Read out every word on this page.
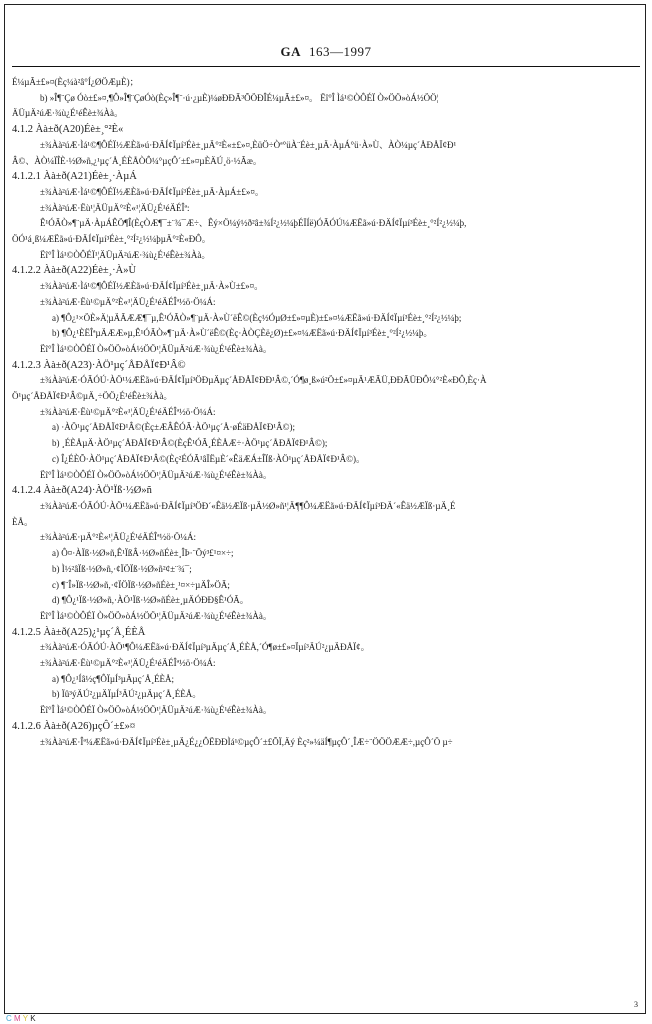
GA 163—1997
É¼µÃ±£»¤(Èç¼à²â°Í¿ØÖÆµÈ)；
b) »Î¶¨Çø Óò±£»¤,¶Ô»Î¶¨ÇøÓò(Èç»Î¶¨·ú·¿µÈ)¼øÐÐÃ³ÕÖÐÎÉ¼µÃ±£»¤。 Ëî°Î Ìá¹©ÒÔÉÏ Ò»ÖÖ»òÁ½ÖÖ¦
ÄÜµÄ²úÆ·¾ù¿É¹éÊè±¾Àà。
4.1.2 Àà±ð(A20)Éè±¸°²È«
±¾Àà²úÆ·Ìá¹©¶ÔÉÏ½ÆÈã»ú·ÐÄÍ¢Ïµí³Éè±¸µÄ°²È«±£»¤,ÈüÖ÷Òª°üÀ¨Éè±¸µÄ·ÀµÁ°ü·À»Ù、ÀÒ¼µç´ÅÐÅÏ¢Ð¹
Â©、ÀÒ¼ÏÎÈ·½Ø»ñ,¿¹µç´Å¸ÉÈÅÒÔ¼°µçÔ´±£»¤µÈÄÚ¸ö·½Ãæ。
4.1.2.1 Àà±ð(A21)Éè±¸·ÀµÁ
±¾Àà²úÆ·Ìá¹©¶ÔÉÏ½ÆÈã»ú·ÐÄÍ¢Ïµí³Éè±¸µÄ·ÀµÁ±£»¤。
±¾Àà²úÆ·Ëù¹¦ÄÜµÄ°²È«¹¦ÄÜ¿É¹éÄÉÎª:
Ê¹ÓÃÒ»¶¨µÄ·ÀµÁÊÖ¶Î(ÈçÒÆ¶¯±¨¾¯Æ÷、Êý×Ö¼ý½ð²â±¾Í²¿½¼þÉÏÍë)ÓÃÓÚ¼ÆËã»ú·ÐÄÍ¢Ïµí³Éè±¸°²Í²¿½¼þ,
ÖÓ¹á¸ß¼ÆËã»ú·ÐÄÍ¢Ïµí³Éè±¸°²Í²¿½¼þµÄ°²È«ÐÔ。
Ëî°Î Ìá¹©ÒÔÉÏ¹¦ÄÜµÄ²úÆ·¾ù¿É¹éÊè±¾Àà。
4.1.2.2 Àà±ð(A22)Éè±¸·À»Ù
±¾Àà²úÆ·Ìá¹©¶ÔÉÏ½ÆÈã»ú·ÐÄÍ¢Ïµí³Éè±¸µÄ·À»Ù±£»¤。
±¾Àà²úÆ·Ëù¹©µÄ°²È«¹¦ÄÜ¿É¹éÄÉÎª½ö·Ö¼Á:
a) ¶Ô¿¹×ÖÈ»Ä¦µÄÃÆÆ¶¯µ,Ê¹ÓÃÒ»¶¨µÄ·À»Ù´ëÊ©(Èç½ÓµØ±£»¤µÈ)±£»¤¼ÆËã»ú·ÐÄÍ¢Ïµí³Éè±¸°²Í²¿½¼þ;
b) ¶Ô¿¹ÈËÎªµÄÆÆ»µ,Ê¹ÓÃÒ»¶¨µÄ·À»Ù´ëÊ©(Èç·ÀÒÇÈë¿Ø)±£»¤¼ÆËã»ú·ÐÄÍ¢Ïµí³Éè±¸°²Í²¿½¼þ。
Ëî°Î Ìá¹©ÒÔÉÏ Ò»ÖÖ»òÁ½ÖÖ¹¦ÄÜµÄ²úÆ·¾ù¿É¹éÊè±¾Àà。
4.1.2.3 Àà±ð(A23)·ÀÖ¹µç´ÅÐÅÏ¢Ð¹Â©
±¾Àà²úÆ·ÓÃÓÚ·ÀÖ¹¼ÆËã»ú·ÐÄÍ¢Ïµí³ÖÐµÄµç´ÅÐÅÏ¢ÐÐ¹Â©,´Ó¶ø¸ß»ú²Ö±£»¤µÄ¹ÆÃÜ,ÐÐÃÜÐÔ¼°²È«ÐÔ,Èç·À
Ö¹µç´ÅÐÅÏ¢Ð¹Â©µÄ¸÷ÖÖ¿É¹éÊè±¾Àà。
±¾Àà²úÆ·Ëù¹©µÄ°²È«¹¦ÄÜ¿É¹éÄÉÎª½ö·Ö¼Á:
a) ·ÀÖ¹µç´ÅÐÅÏ¢Ð¹Â©(Èç±ÆÂÊÓÃ·ÀÖ¹µç´Å·øÉäÐÅÏ¢Ð¹Â©);
b) ¸ÉÈÅµÄ·ÀÖ¹µç´ÅÐÅÏ¢Ð¹Â©(ÈçÊ¹ÓÃ¸ÉÈÅÆ÷·ÀÖ¹µç´ÅÐÅÏ¢Ð¹Â©);
c) Î¿ÉÈÕ·ÀÖ¹µç´ÅÐÅÏ¢Ð¹Â©(Èç²ÉÓÃ¹âÏËµÈ´«ÊäÆÁ±ÎÏß·ÀÖ¹µç´ÅÐÅÏ¢Ð¹Â©)。
Ëî°Î Ìá¹©ÒÔÉÏ Ò»ÖÖ»òÁ½ÖÖ¹¦ÄÜµÄ²úÆ·¾ù¿É¹éÊè±¾Àà。
4.1.2.4 Àà±ð(A24)·ÀÖ¹Ïß·½Ø»ñ
±¾Àà²úÆ·ÓÃÓÚ·ÀÖ¹¼ÆËã»ú·ÐÄÍ¢Ïµí³ÖÐ´«Êä½ÆÏß·µÄ½Ø»ñ¹¦Äܼ¶¶Ô¼ÆËã»ú·ÐÄÍ¢Ïµí³ÐÄ´«Êä½ÆÏß·µÄ¸É
ÈÅ。
±¾Àà²úÆ·µÄ°²È«¹¦ÄÜ¿É¹éÄÉÎª½ö·Ö¼Á:
a) Ô¤·ÀÏß·½Ø»ñ,Ê¹ÏßÂ·½Ø»ñÉè±¸ÎÞ·¨Õý³£¹¤×÷;
b) Ì½²âÏß·½Ø»ñ,·¢ÏÖÏß·½Ø»ñ²¢±¨¾¯;
c) ¶¨Î»Ïß·½Ø»ñ,·¢ÏÖÏß·½Ø»ñÉè±¸¹¤×÷µÄÎ»ÖÃ;
d) ¶Ô¿¹Ïß·½Ø»ñ,·ÀÖ¹Ïß·½Ø»ñÉè±¸µÄÓÐÐ§Ê¹ÓÃ。
Ëî°Î Ìá¹©ÒÔÉÏ Ò»ÖÖ»òÁ½ÖÖ¹¦ÄÜµÄ²úÆ·¾ù¿É¹éÊè±¾Àà。
4.1.2.5 Àà±ð(A25)¿¹µç´Å¸ÉÈÅ
±¾Àà²úÆ·ÓÃÓÚ·ÀÖ¹¶Ô¼ÆËã»ú·ÐÄÍ¢Ïµí³µÄµç´Å¸ÉÈÅ,´Ó¶ø±£»¤Ïµí³ÄÚ²¿µÄÐÅÏ¢。
±¾Àà²úÆ·Ëù¹©µÄ°²È«¹¦ÄÜ¿É¹éÄÉÎª½ö·Ö¼Á:
a) ¶Ô¿¹Íâ½ç¶ÔÏµÍ³µÄµç´Å¸ÉÈÅ;
b) Ïû³ýÄÚ²¿µÄÏµÍ³ÄÚ²¿µÄµç´Å¸ÉÈÅ。
Ëî°Î Ìá¹©ÒÔÉÏ Ò»ÖÖ»òÁ½ÖÖ¹¦ÄÜµÄ²úÆ·¾ù¿É¹éÊè±¾Àà。
4.1.2.6 Àà±ð(A26)µçÔ´±£»¤
±¾Àà²úÆ·Îª¼ÆËã»ú·ÐÄÍ¢Ïµí³Éè±¸µÄ¿É¿¿ÔËÐÐÌá¹©µçÔ´±£ÕÏ,Äý Èç²»¼äÍ¶µçÔ´¸ÎÆ÷¨ÖÖÖÆÆ÷,µçÔ´Ö µ÷
3
C M Y K
